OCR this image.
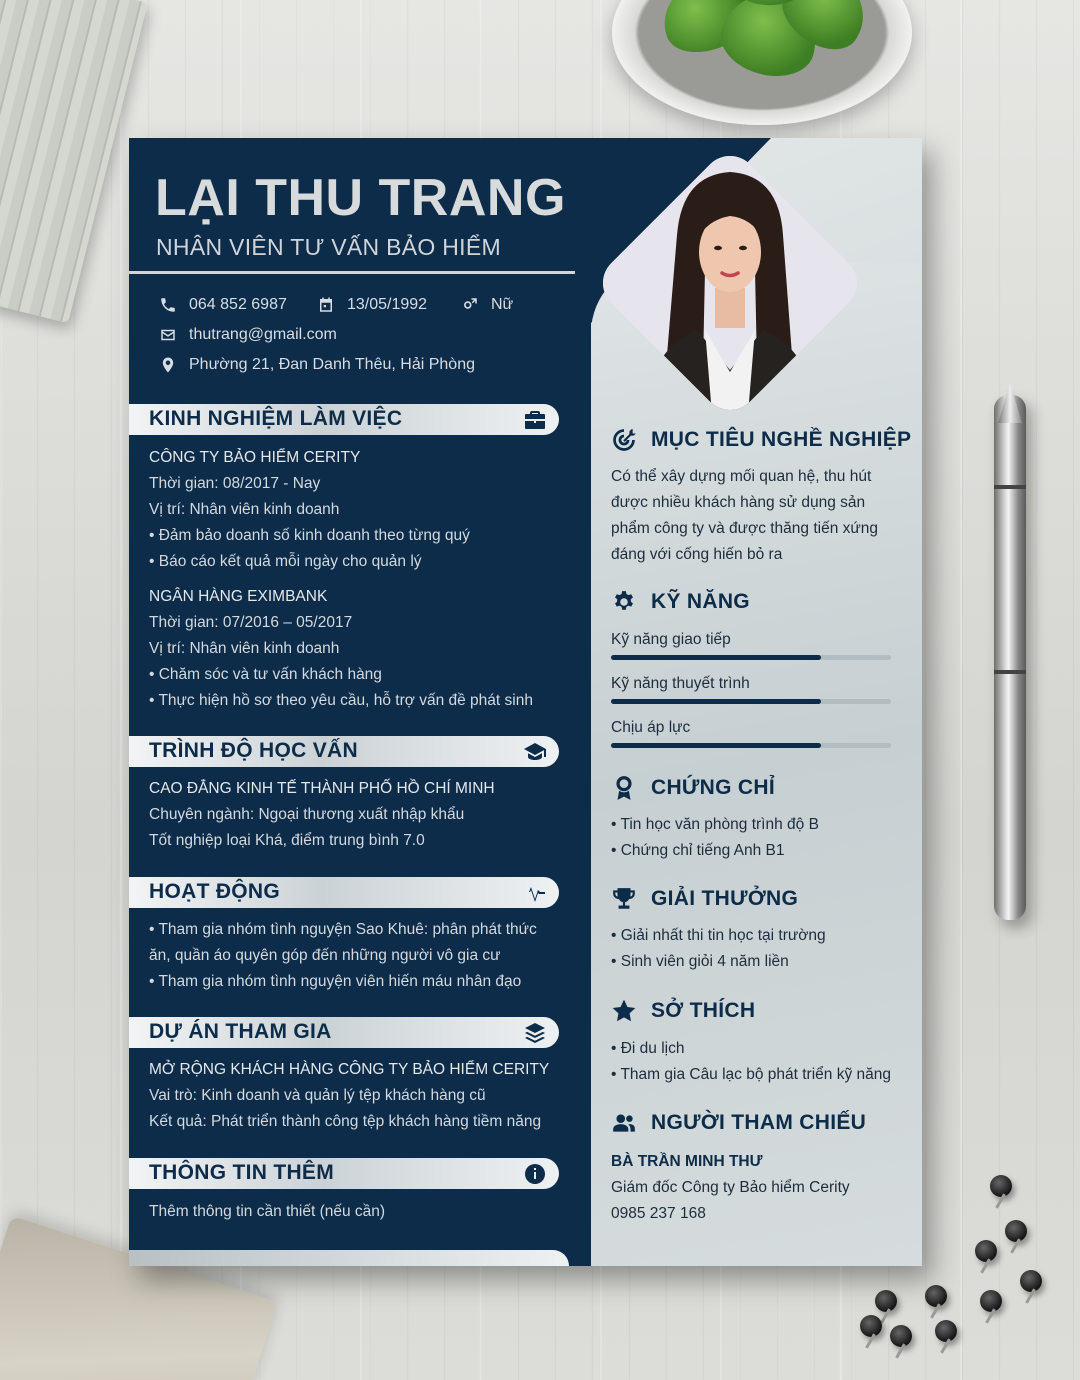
LẠI THU TRANG
NHÂN VIÊN TƯ VẤN BẢO HIỂM
064 852 6987	13/05/1992	Nữ
thutrang@gmail.com
Phường 21, Đan Danh Thêu, Hải Phòng
KINH NGHIỆM LÀM VIỆC
CÔNG TY BẢO HIỂM CERITY
Thời gian: 08/2017 - Nay
Vị trí: Nhân viên kinh doanh
• Đảm bảo doanh số kinh doanh theo từng quý
• Báo cáo kết quả mỗi ngày cho quản lý
NGÂN HÀNG EXIMBANK
Thời gian: 07/2016 – 05/2017
Vị trí: Nhân viên kinh doanh
• Chăm sóc và tư vấn khách hàng
• Thực hiện hồ sơ theo yêu cầu, hỗ trợ vấn đề phát sinh
TRÌNH ĐỘ HỌC VẤN
CAO ĐẲNG KINH TẾ THÀNH PHỐ HỒ CHÍ MINH
Chuyên ngành: Ngoại thương xuất nhập khẩu
Tốt nghiệp loại Khá, điểm trung bình 7.0
HOẠT ĐỘNG
• Tham gia nhóm tình nguyện Sao Khuê: phân phát thức
ăn, quần áo quyên góp đến những người vô gia cư
• Tham gia nhóm tình nguyện viên hiến máu nhân đạo
DỰ ÁN THAM GIA
MỞ RỘNG KHÁCH HÀNG CÔNG TY BẢO HIỂM CERITY
Vai trò: Kinh doanh và quản lý tệp khách hàng cũ
Kết quả: Phát triển thành công tệp khách hàng tiềm năng
THÔNG TIN THÊM
Thêm thông tin cần thiết (nếu cần)
MỤC TIÊU NGHỀ NGHIỆP
Có thể xây dựng mối quan hệ, thu hút
được nhiều khách hàng sử dụng sản
phẩm công ty và được thăng tiến xứng
đáng với cống hiến bỏ ra
KỸ NĂNG
Kỹ năng giao tiếp
Kỹ năng thuyết trình
Chịu áp lực
CHỨNG CHỈ
• Tin học văn phòng trình độ B
• Chứng chỉ tiếng Anh B1
GIẢI THƯỞNG
• Giải nhất thi tin học tại trường
• Sinh viên giỏi 4 năm liền
SỞ THÍCH
• Đi du lịch
• Tham gia Câu lạc bộ phát triển kỹ năng
NGƯỜI THAM CHIẾU
BÀ TRẦN MINH THƯ
Giám đốc Công ty Bảo hiểm Cerity
0985 237 168
